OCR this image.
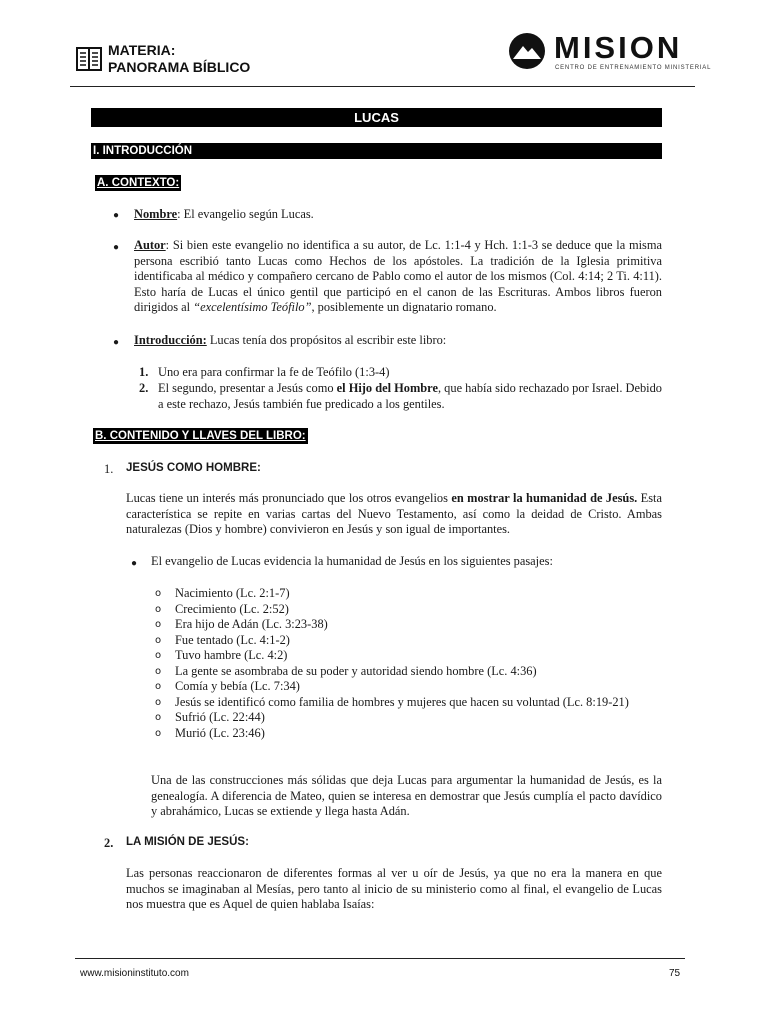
MATERIA:
PANORAMA BÍBLICO
MISION
CENTRO DE ENTRENAMIENTO MINISTERIAL
LUCAS
I. INTRODUCCIÓN
A. CONTEXTO:
● Nombre: El evangelio según Lucas.
● Autor: Si bien este evangelio no identifica a su autor, de Lc. 1:1-4 y Hch. 1:1-3 se deduce que la misma persona escribió tanto Lucas como Hechos de los apóstoles. La tradición de la Iglesia primitiva identificaba al médico y compañero cercano de Pablo como el autor de los mismos (Col. 4:14; 2 Ti. 4:11). Esto haría de Lucas el único gentil que participó en el canon de las Escrituras. Ambos libros fueron dirigidos al “excelentísimo Teófilo”, posiblemente un dignatario romano.
● Introducción: Lucas tenía dos propósitos al escribir este libro:
1. Uno era para confirmar la fe de Teófilo (1:3-4)
2. El segundo, presentar a Jesús como el Hijo del Hombre, que había sido rechazado por Israel. Debido a este rechazo, Jesús también fue predicado a los gentiles.
B. CONTENIDO Y LLAVES DEL LIBRO:
1. JESÚS COMO HOMBRE:
Lucas tiene un interés más pronunciado que los otros evangelios en mostrar la humanidad de Jesús. Esta característica se repite en varias cartas del Nuevo Testamento, así como la deidad de Cristo. Ambas naturalezas (Dios y hombre) convivieron en Jesús y son igual de importantes.
● El evangelio de Lucas evidencia la humanidad de Jesús en los siguientes pasajes:
o	Nacimiento (Lc. 2:1-7)
o	Crecimiento (Lc. 2:52)
o	Era hijo de Adán (Lc. 3:23-38)
o	Fue tentado (Lc. 4:1-2)
o	Tuvo hambre (Lc. 4:2)
o	La gente se asombraba de su poder y autoridad siendo hombre (Lc. 4:36)
o	Comía y bebía (Lc. 7:34)
o	Jesús se identificó como familia de hombres y mujeres que hacen su voluntad (Lc. 8:19-21)
o	Sufrió (Lc. 22:44)
o	Murió (Lc. 23:46)
Una de las construcciones más sólidas que deja Lucas para argumentar la humanidad de Jesús, es la genealogía. A diferencia de Mateo, quien se interesa en demostrar que Jesús cumplía el pacto davídico y abrahámico, Lucas se extiende y llega hasta Adán.
2. LA MISIÓN DE JESÚS:
Las personas reaccionaron de diferentes formas al ver u oír de Jesús, ya que no era la manera en que muchos se imaginaban al Mesías, pero tanto al inicio de su ministerio como al final, el evangelio de Lucas nos muestra que es Aquel de quien hablaba Isaías:
www.misioninstituto.com	75
